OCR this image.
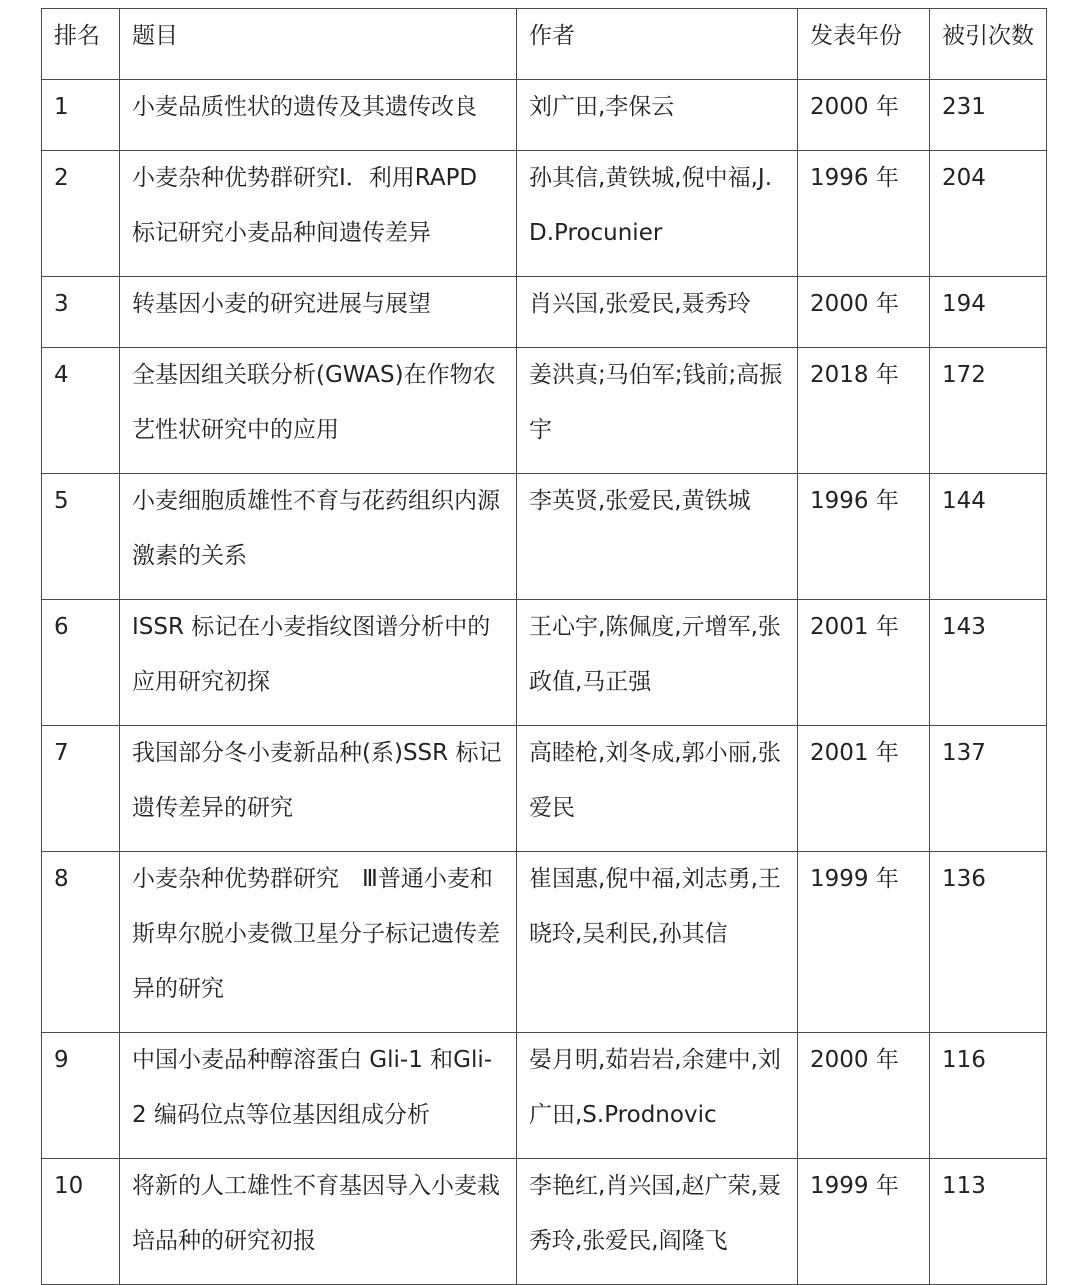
排名	题目	作者	发表年份	被引次数

1	小麦品质性状的遗传及其遗传改良	刘广田,李保云	2000 年	231

2	小麦杂种优势群研究Ⅰ．利用RAPD 标记研究小麦品种间遗传差异	孙其信,黄铁城,倪中福,J.D.Procunier	1996 年	204

3	转基因小麦的研究进展与展望	肖兴国,张爱民,聂秀玲	2000 年	194

4	全基因组关联分析(GWAS)在作物农艺性状研究中的应用	姜洪真;马伯军;钱前;高振宇	2018 年	172

5	小麦细胞质雄性不育与花药组织内源激素的关系	李英贤,张爱民,黄铁城	1996 年	144

6	ISSR 标记在小麦指纹图谱分析中的应用研究初探	王心宇,陈佩度,亓增军,张政值,马正强	2001 年	143

7	我国部分冬小麦新品种(系)SSR 标记遗传差异的研究	高睦枪,刘冬成,郭小丽,张爱民	2001 年	137

8	小麦杂种优势群研究　Ⅲ普通小麦和斯卑尔脱小麦微卫星分子标记遗传差异的研究	崔国惠,倪中福,刘志勇,王晓玲,吴利民,孙其信	1999 年	136

9	中国小麦品种醇溶蛋白 Gli-1 和Gli-2 编码位点等位基因组成分析	晏月明,茹岩岩,余建中,刘广田,S.Prodnovic	2000 年	116

10	将新的人工雄性不育基因导入小麦栽培品种的研究初报	李艳红,肖兴国,赵广荣,聂秀玲,张爱民,阎隆飞	1999 年	113
